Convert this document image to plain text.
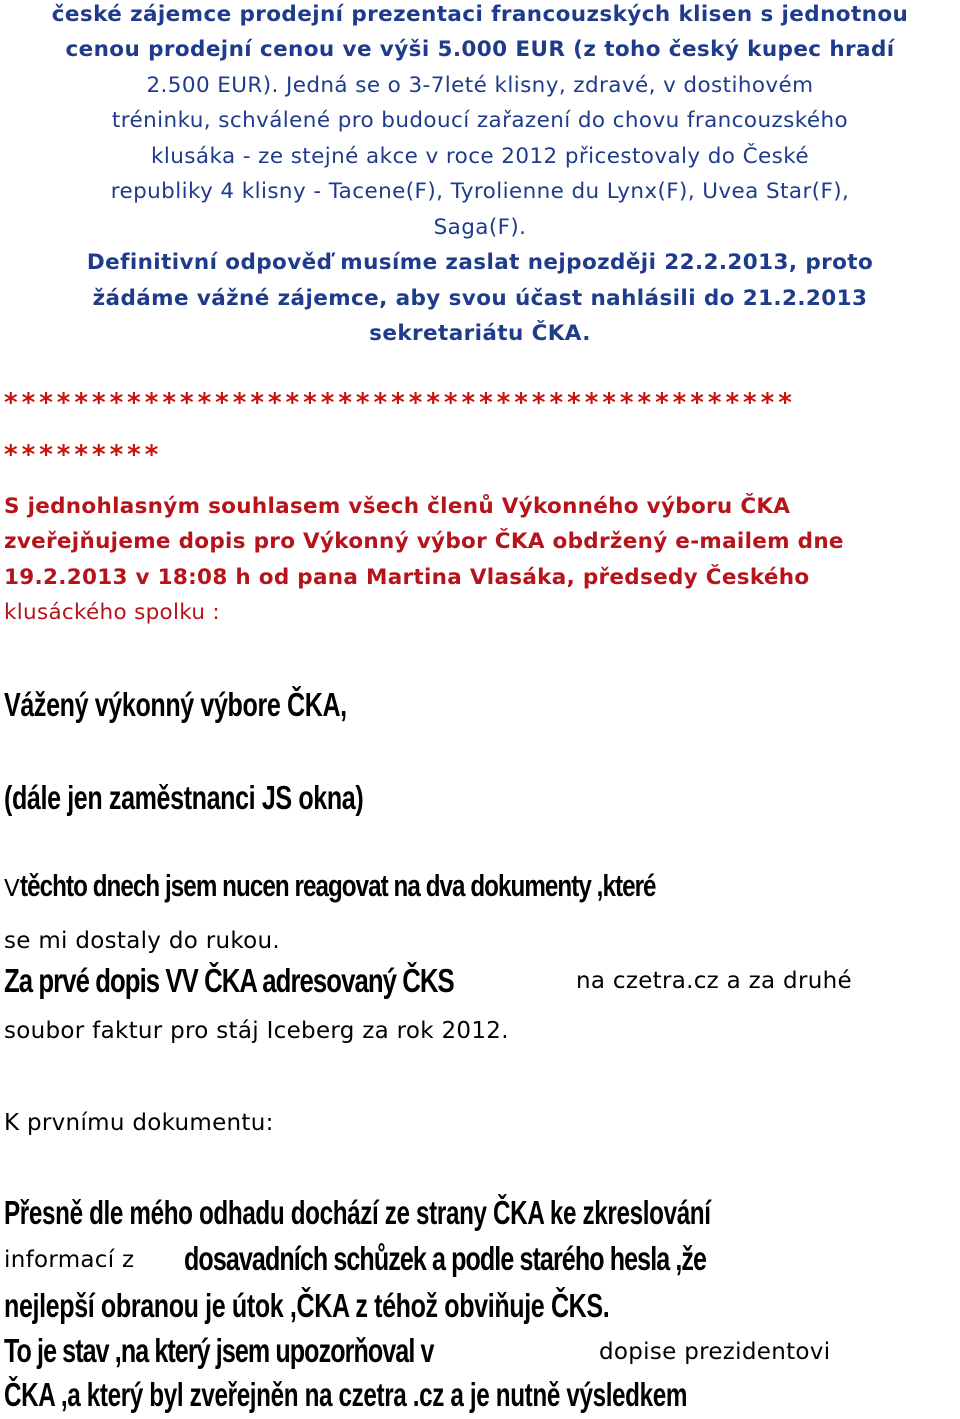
české zájemce prodejní prezentaci francouzských klisen s jednotnou
cenou prodejní cenou ve výši 5.000 EUR (z toho český kupec hradí
2.500 EUR). Jedná se o 3-7leté klisny, zdravé, v dostihovém
tréninku, schválené pro budoucí zařazení do chovu francouzského
klusáka - ze stejné akce v roce 2012 přicestovaly do České
republiky 4 klisny - Tacene(F), Tyrolienne du Lynx(F), Uvea Star(F),
Saga(F).
Definitivní odpověď musíme zaslat nejpozději 22.2.2013, proto
žádáme vážné zájemce, aby svou účast nahlásili do 21.2.2013
sekretariátu ČKA.
*********************************************
*********
S jednohlasným souhlasem všech členů Výkonného výboru ČKA
zveřejňujeme dopis pro Výkonný výbor ČKA obdržený e-mailem dne
19.2.2013 v 18:08 h od pana Martina Vlasáka, předsedy Českého
klusáckého spolku :
Vážený výkonný výbore ČKA,
(dále jen zaměstnanci JS okna)
Vtěchto dnech jsem nucen reagovat na dva dokumenty ,které
se mi dostaly do rukou.
Za prvé dopis VV ČKA adresovaný ČKS	na czetra.cz a za druhé
soubor faktur pro stáj Iceberg za rok 2012.
K prvnímu dokumentu:
Přesně dle mého odhadu dochází ze strany ČKA ke zkreslování
informací z dosavadních schůzek a podle starého hesla ,že
nejlepší obranou je útok ,ČKA z téhož obviňuje ČKS.
To je stav ,na který jsem upozorňoval v	dopise prezidentovi
ČKA ,a který byl zveřejněn na czetra .cz a je nutně výsledkem
